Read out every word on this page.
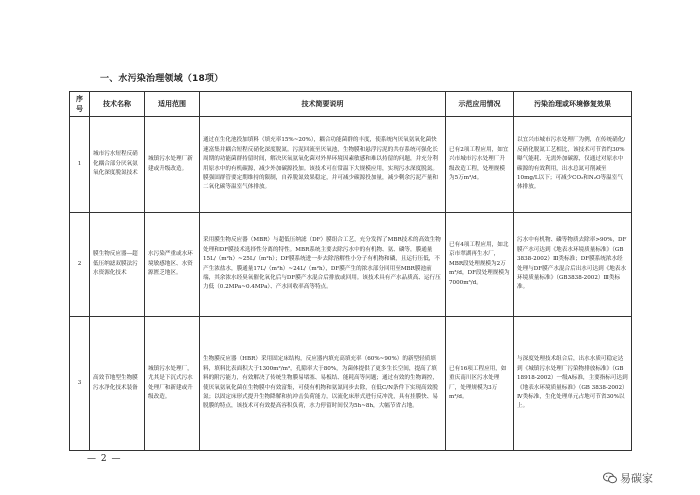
一、水污染治理领域（18项）
序号	技术名称	适用范围	技术简要说明	示范应用情况	污染治理或环境修复效果
1	城市污水短程反硝化耦合部分厌氧氨氧化深度脱氮技术	城镇污水处理厂新建或升级改造。	通过在生化池投加填料（填充率15%~20%），耦合功能菌群的丰度，使系统内厌氧氨氧化菌快速富集并耦合短程反硝化深度脱氮。污泥回流至厌氧池，生物膜和悬浮污泥的共存系统可强化长周期的功能菌群持留时间，解决厌氧氨氧化菌对外界环境因素敏感和难以持留的问题，并充分利用原水中的有机碳源，减少外加碳源投加。该技术可在常温下大规模应用，实现污水深度脱氮。膜强固群管要定期维持的限制，自养脱氮效果稳定，并可减少碳源投加量，减少剩余污泥产量和二氧化碳等温室气体排放。	已有2项工程应用，如宜兴市城市污水处理厂升级改造工程，处理规模为5万m³/d。	以宜兴市城市污水处理厂为例，在传统硝化/反硝化脱氮工艺相比，该技术可节省约30%曝气能耗、无需外加碳源，仅通过对原水中碳源的有效利用，出水总氮可削减至10mg/L以下；可减少CO₂和N₂O等温室气体排放。
2	膜生物反应器—超低压纳滤双膜法污水资源化技术	水污染严重或水环境敏感地区、水资源匮乏地区。	采用膜生物反应器（MBR）与超低压纳滤（DF）膜组合工艺，充分发挥了MBR技术的高效生物处理和DF膜技术选择性分离的特性。MBR系统主要去除污水中的有机物、氨、磷等，膜通量15L/（m²h）~25L/（m²h）；DF膜系统进一步去除溶解性小分子有机物和磷，且运行压低，不产生浓盐水，膜通量17L/（m²h）~24L/（m²h），DF膜产生的浓水部分回用至MBR膜池前端，其余浓水经臭氧催化氧化后与DF膜产水混合后排放或回用。该技术具有产水品质高、运行压力低（0.2MPa~0.4MPa）、产水回收率高等特点。	已有4项工程应用，如北京市翠湖再生水厂，MBR段处理规模为2万m³/d，DF段处理规模为7000m³/d。	污水中有机物、磷等物质去除率>90%，DF膜产水可达到《地表水环境质量标准》（GB 3838-2002）Ⅲ类标准；DF膜系统浓水经处理与DF膜产水混合后出水可达到《地表水环境质量标准》（GB3838-2002）Ⅲ类标准。
3	高效节地型生物膜污水净化技术装备	城镇污水处理厂，尤其是下沉式污水处理厂和新建或升级改造。	生物膜反应器（HBR）采用固定床结构，反应器内填充高填充率（60%~90%）的新型轻质填料，填料比表面积大于1300m²/m³，孔隙率大于80%，为菌体提供了更多生长空间，提高了填料的附污能力，有效解决了传统生物膜易堵塞、易板结、能耗高等问题；通过有效的生物调控，使厌氧氨氧化菌在生物膜中有效富集，可使有机物和氨氮同步去除，在低C/N条件下实现高效脱氮；以固定床形式提升生物降解和抗冲击负荷能力，以流化床形式进行反冲洗，具有挂膜快、易脱膜的特点，该技术可有效提高容积负荷，水力停留时间仅为5h~8h，大幅节省占地。	已有16项工程应用，如重庆南川区污水处理厂，处理规模为3万m³/d。	与深度处理技术组合后，出水水质可稳定达到《城镇污水处理厂污染物排放标准》（GB 18918-2002）一级A标准，主要指标可达到《地表水环境质量标准》（GB 3838-2002）Ⅳ类标准，生化处理单元占地可节省30%以上。
— 2 —
易碳家
